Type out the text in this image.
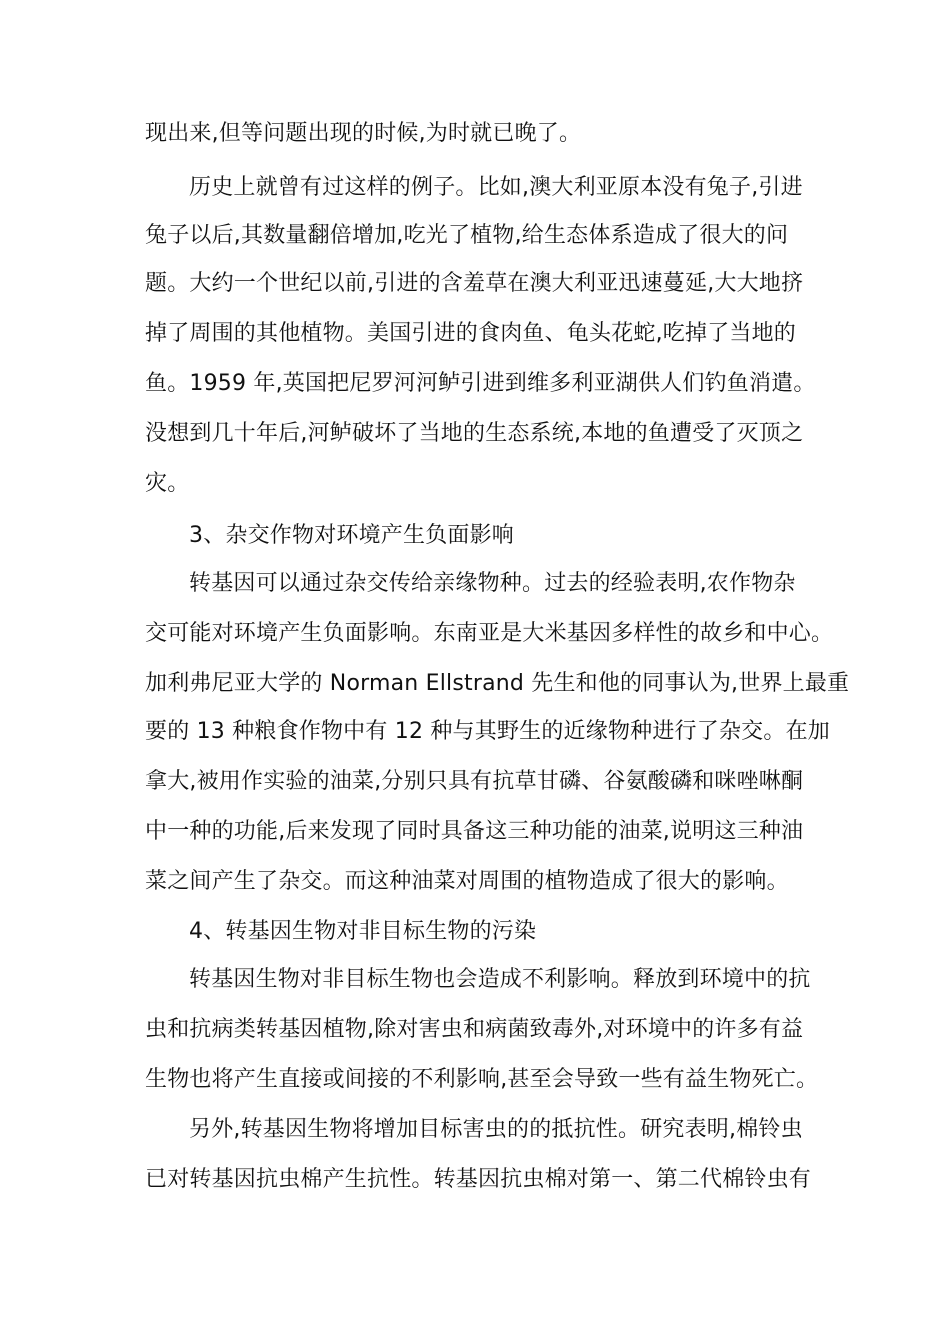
现出来,但等问题出现的时候,为时就已晚了。
历史上就曾有过这样的例子。比如,澳大利亚原本没有兔子,引进
兔子以后,其数量翻倍增加,吃光了植物,给生态体系造成了很大的问
题。大约一个世纪以前,引进的含羞草在澳大利亚迅速蔓延,大大地挤
掉了周围的其他植物。美国引进的食肉鱼、龟头花蛇,吃掉了当地的
鱼。1959 年,英国把尼罗河河鲈引进到维多利亚湖供人们钓鱼消遣。
没想到几十年后,河鲈破坏了当地的生态系统,本地的鱼遭受了灭顶之
灾。
3、杂交作物对环境产生负面影响
转基因可以通过杂交传给亲缘物种。过去的经验表明,农作物杂
交可能对环境产生负面影响。东南亚是大米基因多样性的故乡和中心。
加利弗尼亚大学的 Norman Ellstrand 先生和他的同事认为,世界上最重
要的 13 种粮食作物中有 12 种与其野生的近缘物种进行了杂交。在加
拿大,被用作实验的油菜,分别只具有抗草甘磷、谷氨酸磷和咪唑啉酮
中一种的功能,后来发现了同时具备这三种功能的油菜,说明这三种油
菜之间产生了杂交。而这种油菜对周围的植物造成了很大的影响。
4、转基因生物对非目标生物的污染
转基因生物对非目标生物也会造成不利影响。释放到环境中的抗
虫和抗病类转基因植物,除对害虫和病菌致毒外,对环境中的许多有益
生物也将产生直接或间接的不利影响,甚至会导致一些有益生物死亡。
另外,转基因生物将增加目标害虫的的抵抗性。研究表明,棉铃虫
已对转基因抗虫棉产生抗性。转基因抗虫棉对第一、第二代棉铃虫有
